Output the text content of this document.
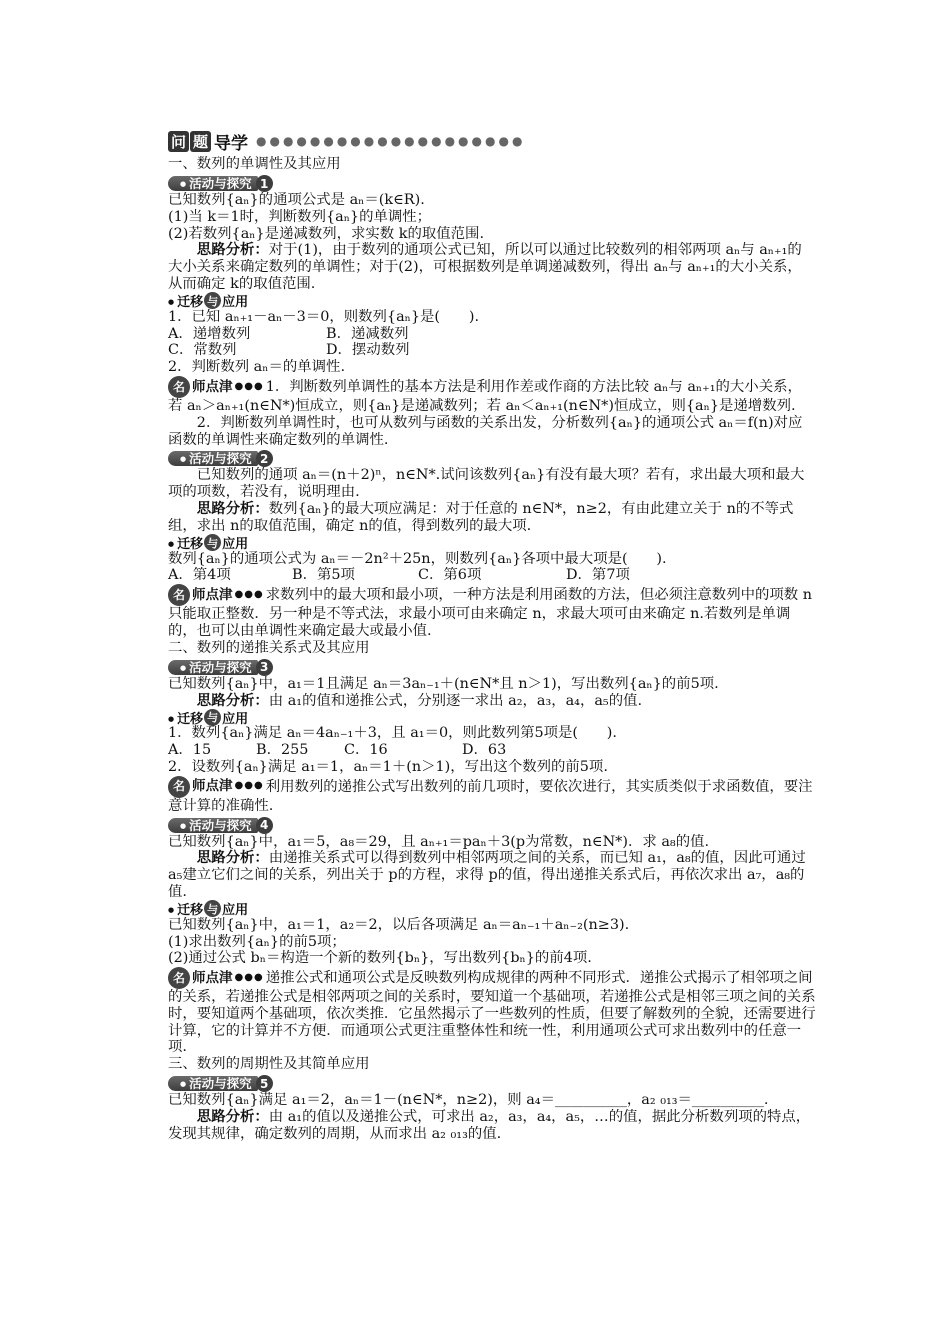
问 题 导学 ●●●●●●●●●●●●●●●●●●●●

一、数列的单调性及其应用

● 活动与探究 1

已知数列{aₙ}的通项公式是 aₙ＝(k∈R).

(1)当 k＝1时，判断数列{aₙ}的单调性；

(2)若数列{aₙ}是递减数列，求实数 k的取值范围.

思路分析：对于(1)，由于数列的通项公式已知，所以可以通过比较数列的相邻两项 aₙ与 aₙ₊₁的大小关系来确定数列的单调性；对于(2)，可根据数列是单调递减数列，得出 aₙ与 aₙ₊₁的大小关系，从而确定 k的取值范围.

● 迁移 与 应用

1．已知 aₙ₊₁－aₙ－3＝0，则数列{aₙ}是(　　).

A．递增数列	B．递减数列
C．常数列	D．摆动数列

2．判断数列 aₙ＝的单调性.

名 师点津 ●●● 1．判断数列单调性的基本方法是利用作差或作商的方法比较 aₙ与 aₙ₊₁的大小关系，若 aₙ＞aₙ₊₁(n∈N*)恒成立，则{aₙ}是递减数列；若 aₙ＜aₙ₊₁(n∈N*)恒成立，则{aₙ}是递增数列.

2．判断数列单调性时，也可从数列与函数的关系出发，分析数列{aₙ}的通项公式 aₙ＝f(n)对应函数的单调性来确定数列的单调性.

● 活动与探究 2

已知数列的通项 aₙ＝(n＋2)ⁿ，n∈N*.试问该数列{aₙ}有没有最大项？若有，求出最大项和最大项的项数，若没有，说明理由.

思路分析：数列{aₙ}的最大项应满足：对于任意的 n∈N*，n≥2，有由此建立关于 n的不等式组，求出 n的取值范围，确定 n的值，得到数列的最大项.

● 迁移 与 应用

数列{aₙ}的通项公式为 aₙ＝－2n²＋25n，则数列{aₙ}各项中最大项是(　　).

A．第4项	B．第5项	C．第6项	D．第7项

名 师点津 ●●● 求数列中的最大项和最小项，一种方法是利用函数的方法，但必须注意数列中的项数 n只能取正整数．另一种是不等式法，求最小项可由来确定 n，求最大项可由来确定 n.若数列是单调的，也可以由单调性来确定最大或最小值.

二、数列的递推关系式及其应用

● 活动与探究 3

已知数列{aₙ}中，a₁＝1且满足 aₙ＝3aₙ₋₁＋(n∈N*且 n＞1)，写出数列{aₙ}的前5项.

思路分析：由 a₁的值和递推公式，分别逐一求出 a₂，a₃，a₄，a₅的值.

● 迁移 与 应用

1．数列{aₙ}满足 aₙ＝4aₙ₋₁＋3，且 a₁＝0，则此数列第5项是(　　).

A．15	B．255	C．16	D．63

2．设数列{aₙ}满足 a₁＝1，aₙ＝1＋(n＞1)，写出这个数列的前5项.

名 师点津 ●●● 利用数列的递推公式写出数列的前几项时，要依次进行，其实质类似于求函数值，要注意计算的准确性.

● 活动与探究 4

已知数列{aₙ}中，a₁＝5，a₈＝29，且 aₙ₊₁＝paₙ＋3(p为常数，n∈N*)．求 a₈的值.

思路分析：由递推关系式可以得到数列中相邻两项之间的关系，而已知 a₁，a₈的值，因此可通过 a₅建立它们之间的关系，列出关于 p的方程，求得 p的值，得出递推关系式后，再依次求出 a₇，a₈的值.

● 迁移 与 应用

已知数列{aₙ}中，a₁＝1，a₂＝2，以后各项满足 aₙ＝aₙ₋₁＋aₙ₋₂(n≥3).

(1)求出数列{aₙ}的前5项；

(2)通过公式 bₙ＝构造一个新的数列{bₙ}，写出数列{bₙ}的前4项.

名 师点津 ●●● 递推公式和通项公式是反映数列构成规律的两种不同形式．递推公式揭示了相邻项之间的关系，若递推公式是相邻两项之间的关系时，要知道一个基础项，若递推公式是相邻三项之间的关系时，要知道两个基础项，依次类推．它虽然揭示了一些数列的性质，但要了解数列的全貌，还需要进行计算，它的计算并不方便．而通项公式更注重整体性和统一性，利用通项公式可求出数列中的任意一项.

三、数列的周期性及其简单应用

● 活动与探究 5

已知数列{aₙ}满足 a₁＝2，aₙ＝1－(n∈N*，n≥2)，则 a₄＝__________，a₂ ₀₁₃＝__________.

思路分析：由 a₁的值以及递推公式，可求出 a₂，a₃，a₄，a₅，…的值，据此分析数列项的特点，发现其规律，确定数列的周期，从而求出 a₂ ₀₁₃的值.
